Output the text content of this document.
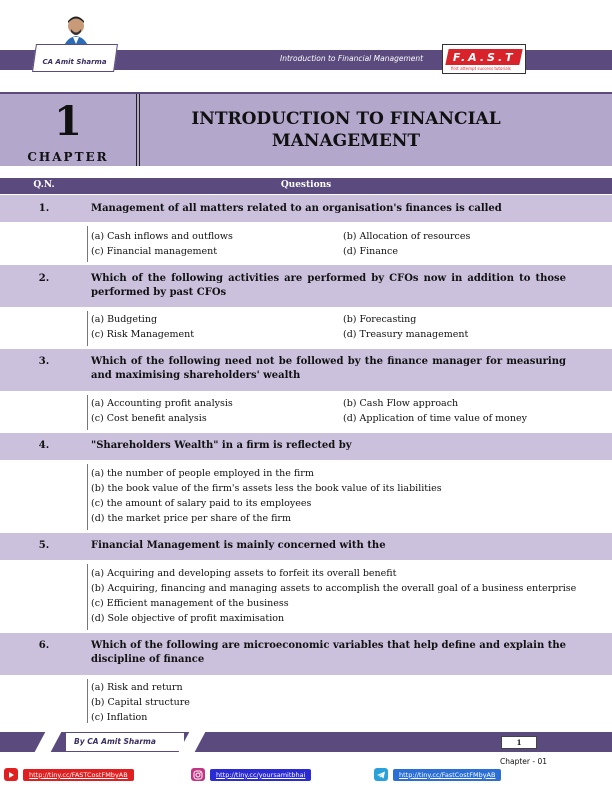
CA Amit Sharma	Introduction to Financial Management	F.A.S.T
first attempt success tutorials
1
CHAPTER
INTRODUCTION TO FINANCIAL
MANAGEMENT
Q.N.	Questions
1.	Management of all matters related to an organisation's finances is called
(a) Cash inflows and outflows	(b) Allocation of resources
(c) Financial management	(d) Finance
2.	Which of the following activities are performed by CFOs now in addition to those performed by past CFOs
(a) Budgeting	(b) Forecasting
(c) Risk Management	(d) Treasury management
3.	Which of the following need not be followed by the finance manager for measuring and maximising shareholders' wealth
(a) Accounting profit analysis	(b) Cash Flow approach
(c) Cost benefit analysis	(d) Application of time value of money
4.	"Shareholders Wealth" in a firm is reflected by
(a) the number of people employed in the firm
(b) the book value of the firm's assets less the book value of its liabilities
(c) the amount of salary paid to its employees
(d) the market price per share of the firm
5.	Financial Management is mainly concerned with the
(a) Acquiring and developing assets to forfeit its overall benefit
(b) Acquiring, financing and managing assets to accomplish the overall goal of a business enterprise
(c) Efficient management of the business
(d) Sole objective of profit maximisation
6.	Which of the following are microeconomic variables that help define and explain the discipline of finance
(a) Risk and return
(b) Capital structure
(c) Inflation
By CA Amit Sharma	1
Chapter - 01
http://tiny.cc/FASTCostFMbyAB	http://tiny.cc/yoursamitbhai	http://tiny.cc/FastCostFMbyAB
